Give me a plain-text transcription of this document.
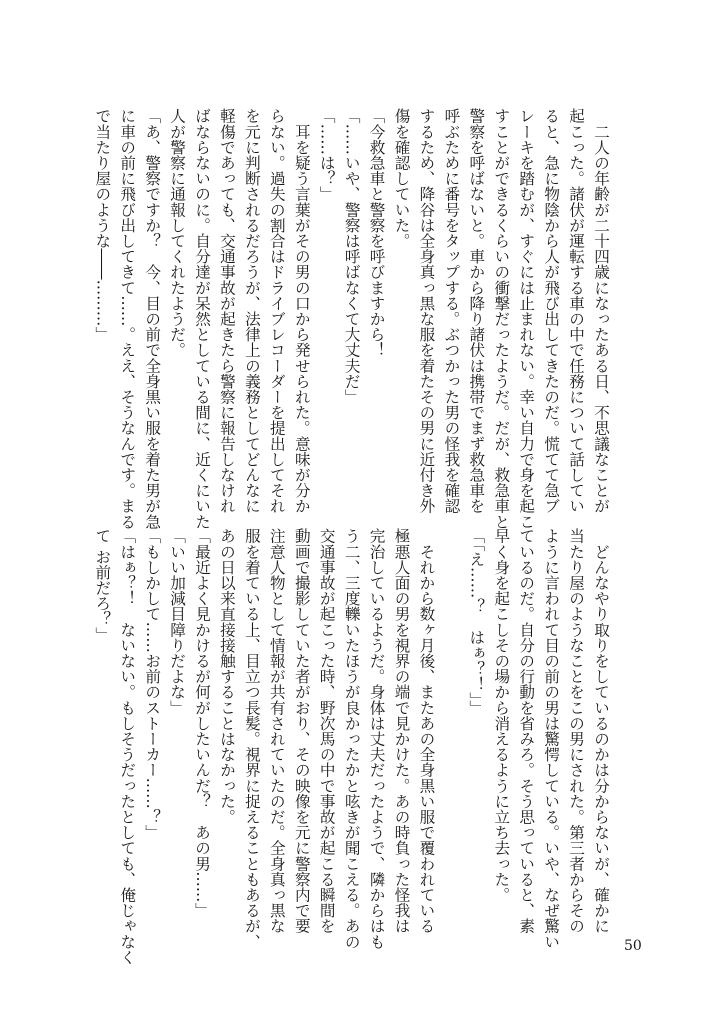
　二人の年齢が二十四歳になったある日、不思議なことが
起こった。諸伏が運転する車の中で任務について話してい
ると、急に物陰から人が飛び出してきたのだ。慌てて急ブ
レーキを踏むが、すぐには止まれない。幸い自力で身を起こ
すことができるくらいの衝撃だったようだ。だが、救急車と
警察を呼ばないと。車から降り諸伏は携帯でまず救急車を
呼ぶために番号をタップする。ぶつかった男の怪我を確認
するため、降谷は全身真っ黒な服を着たその男に近付き外
傷を確認していた。
「今救急車と警察を呼びますから！
「……いや、警察は呼ばなくて大丈夫だ」
「……は？」
　耳を疑う言葉がその男の口から発せられた。意味が分か
らない。過失の割合はドライブレコーダーを提出してそれ
を元に判断されるだろうが、法律上の義務としてどんなに
軽傷であっても、交通事故が起きたら警察に報告しなけれ
ばならないのに。自分達が呆然としている間に、近くにいた
人が警察に通報してくれたようだ。
「あ、警察ですか？　今、目の前で全身黒い服を着た男が急
に車の前に飛び出してきて……。ええ、そうなんです。まる
で当たり屋のような――………」
　どんなやり取りをしているのかは分からないが、確かに
当たり屋のようなことをこの男にされた。第三者からその
ように言われて目の前の男は驚愕している。いや、なぜ驚い
ているのだ。自分の行動を省みろ。そう思っていると、素
早く身を起こしその場から消えるように立ち去った。
「「え……？　はぁ？！」」

　それから数ヶ月後、またあの全身黒い服で覆われている
極悪人面の男を視界の端で見かけた。あの時負った怪我は
完治しているようだ。身体は丈夫だったようで、隣からはも
う二、三度轢いたほうが良かったかと呟きが聞こえる。あの
交通事故が起こった時、野次馬の中で事故が起こる瞬間を
動画で撮影していた者がおり、その映像を元に警察内で要
注意人物として情報が共有されていたのだ。全身真っ黒な
服を着ている上、目立つ長髪。視界に捉えることもあるが、
あの日以来直接接触することはなかった。
「最近よく見かけるが何がしたいんだ？　あの男……」
「いい加減目障りだよな」
「もしかして……お前のストーカー……？」
「はぁ？！　ないない。もしそうだったとしても、俺じゃなく
て お前だろ？」
50
